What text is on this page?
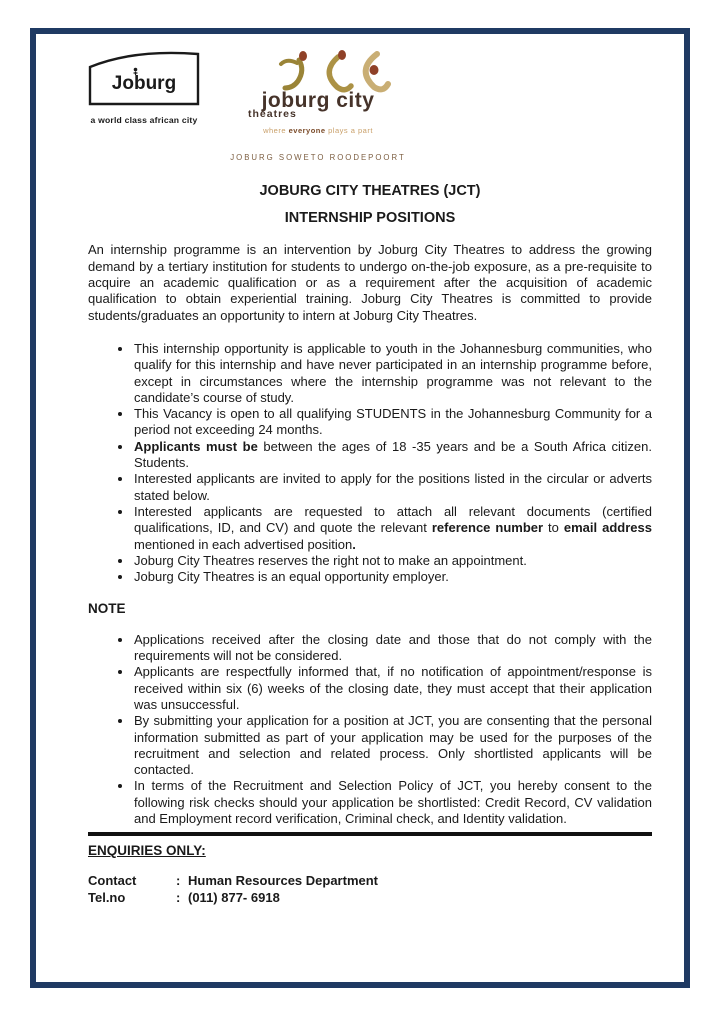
Joburg
a world class african city
joburg city
theatres
where everyone plays a part
JOBURG SOWETO ROODEPOORT
JOBURG CITY THEATRES (JCT)
INTERNSHIP POSITIONS

An internship programme is an intervention by Joburg City Theatres to address the growing demand by a tertiary institution for students to undergo on-the-job exposure, as a pre-requisite to acquire an academic qualification or as a requirement after the acquisition of academic qualification to obtain experiential training. Joburg City Theatres is committed to provide students/graduates an opportunity to intern at Joburg City Theatres.

• This internship opportunity is applicable to youth in the Johannesburg communities, who qualify for this internship and have never participated in an internship programme before, except in circumstances where the internship programme was not relevant to the candidate’s course of study.
• This Vacancy is open to all qualifying STUDENTS in the Johannesburg Community for a period not exceeding 24 months.
• Applicants must be between the ages of 18 -35 years and be a South Africa citizen. Students.
• Interested applicants are invited to apply for the positions listed in the circular or adverts stated below.
• Interested applicants are requested to attach all relevant documents (certified qualifications, ID, and CV) and quote the relevant reference number to email address mentioned in each advertised position.
• Joburg City Theatres reserves the right not to make an appointment.
• Joburg City Theatres is an equal opportunity employer.
NOTE
• Applications received after the closing date and those that do not comply with the requirements will not be considered.
• Applicants are respectfully informed that, if no notification of appointment/response is received within six (6) weeks of the closing date, they must accept that their application was unsuccessful.
• By submitting your application for a position at JCT, you are consenting that the personal information submitted as part of your application may be used for the purposes of the recruitment and selection and related process. Only shortlisted applicants will be contacted.
• In terms of the Recruitment and Selection Policy of JCT, you hereby consent to the following risk checks should your application be shortlisted: Credit Record, CV validation and Employment record verification, Criminal check, and Identity validation.
ENQUIRIES ONLY:
Contact	: Human Resources Department
Tel.no	: (011) 877- 6918
